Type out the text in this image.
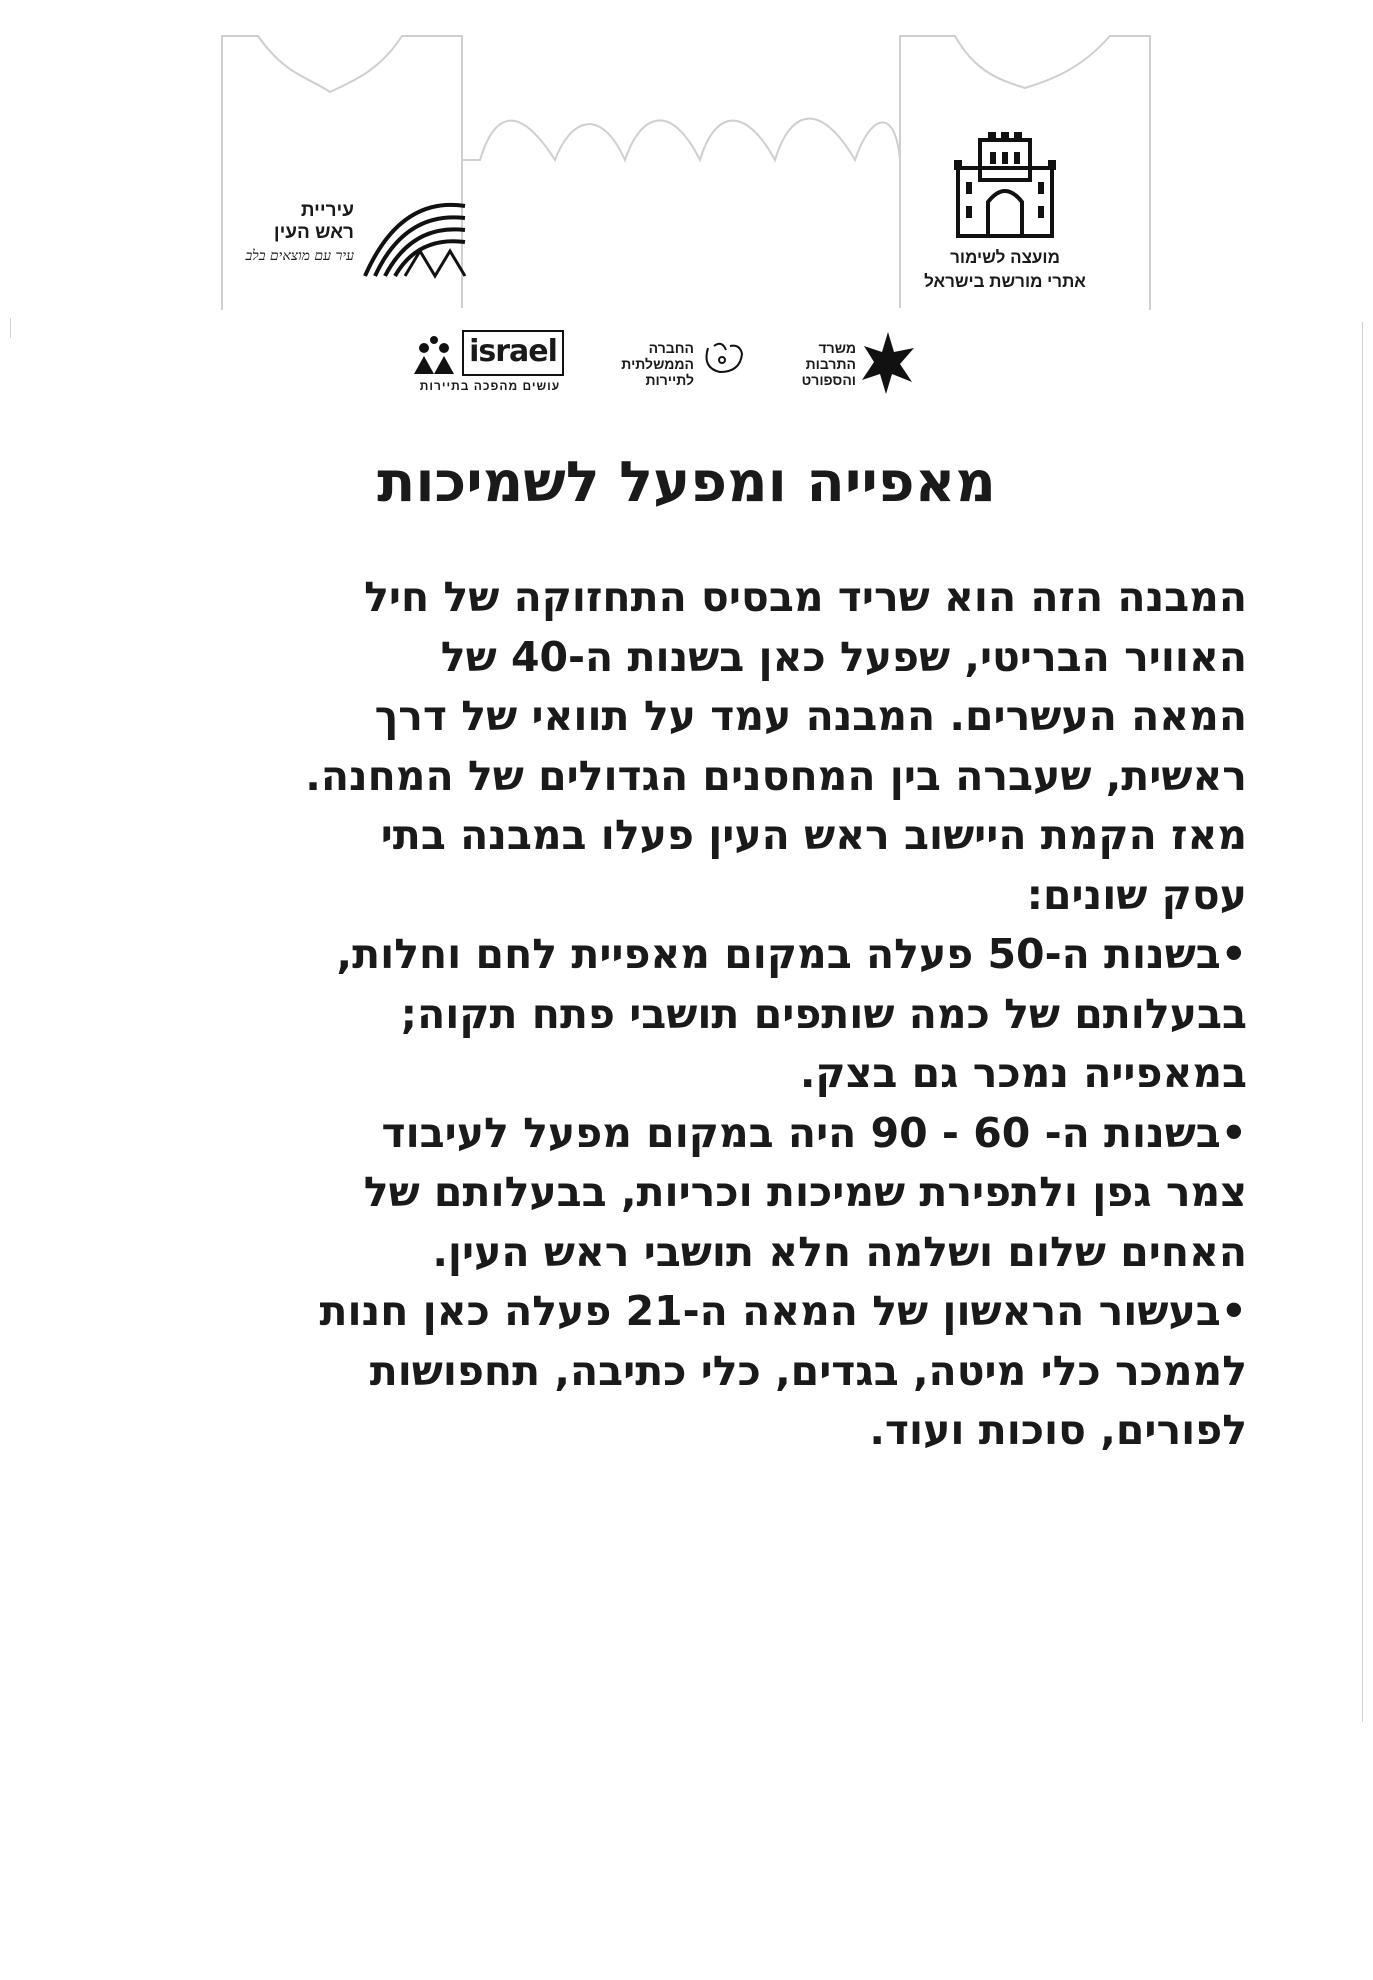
מועצה לשימור
אתרי מורשת בישראל
עיריית
ראש העין
עיר עם מוצאים בלב
משרד
התרבות
והספורט
החברה
הממשלתית
לתיירות
israel
עושים מהפכה בתיירות
מאפייה ומפעל לשמיכות
המבנה הזה הוא שריד מבסיס התחזוקה של חיל
האוויר הבריטי, שפעל כאן בשנות ה-40 של
המאה העשרים. המבנה עמד על תוואי של דרך
ראשית, שעברה בין המחסנים הגדולים של המחנה.
מאז הקמת היישוב ראש העין פעלו במבנה בתי
עסק שונים:
•בשנות ה-50 פעלה במקום מאפיית לחם וחלות,
בבעלותם של כמה שותפים תושבי פתח תקוה;
במאפייה נמכר גם בצק.
•בשנות ה- 60 - 90 היה במקום מפעל לעיבוד
צמר גפן ולתפירת שמיכות וכריות, בבעלותם של
האחים שלום ושלמה חלא תושבי ראש העין.
•בעשור הראשון של המאה ה-21 פעלה כאן חנות
לממכר כלי מיטה, בגדים, כלי כתיבה, תחפושות
לפורים, סוכות ועוד.
